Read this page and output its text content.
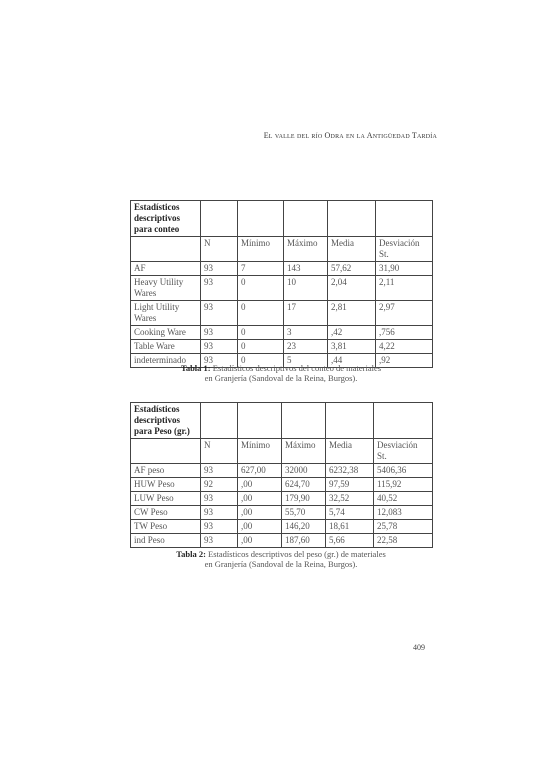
El valle del río Odra en la Antigüedad Tardía
Estadísticos descriptivos para conteo					
	N	Mínimo	Máximo	Media	Desviación St.
AF	93	7	143	57,62	31,90
Heavy Utility Wares	93	0	10	2,04	2,11
Light Utility Wares	93	0	17	2,81	2,97
Cooking Ware	93	0	3	,42	,756
Table Ware	93	0	23	3,81	4,22
indeterminado	93	0	5	,44	,92
Tabla 1: Estadísticos descriptivos del conteo de materiales
en Granjería (Sandoval de la Reina, Burgos).
Estadísticos descriptivos para Peso (gr.)					
	N	Mínimo	Máximo	Media	Desviación St.
AF peso	93	627,00	32000	6232,38	5406,36
HUW Peso	92	,00	624,70	97,59	115,92
LUW Peso	93	,00	179,90	32,52	40,52
CW Peso	93	,00	55,70	5,74	12,083
TW Peso	93	,00	146,20	18,61	25,78
ind Peso	93	,00	187,60	5,66	22,58
Tabla 2: Estadísticos descriptivos del peso (gr.) de materiales
en Granjería (Sandoval de la Reina, Burgos).
409
